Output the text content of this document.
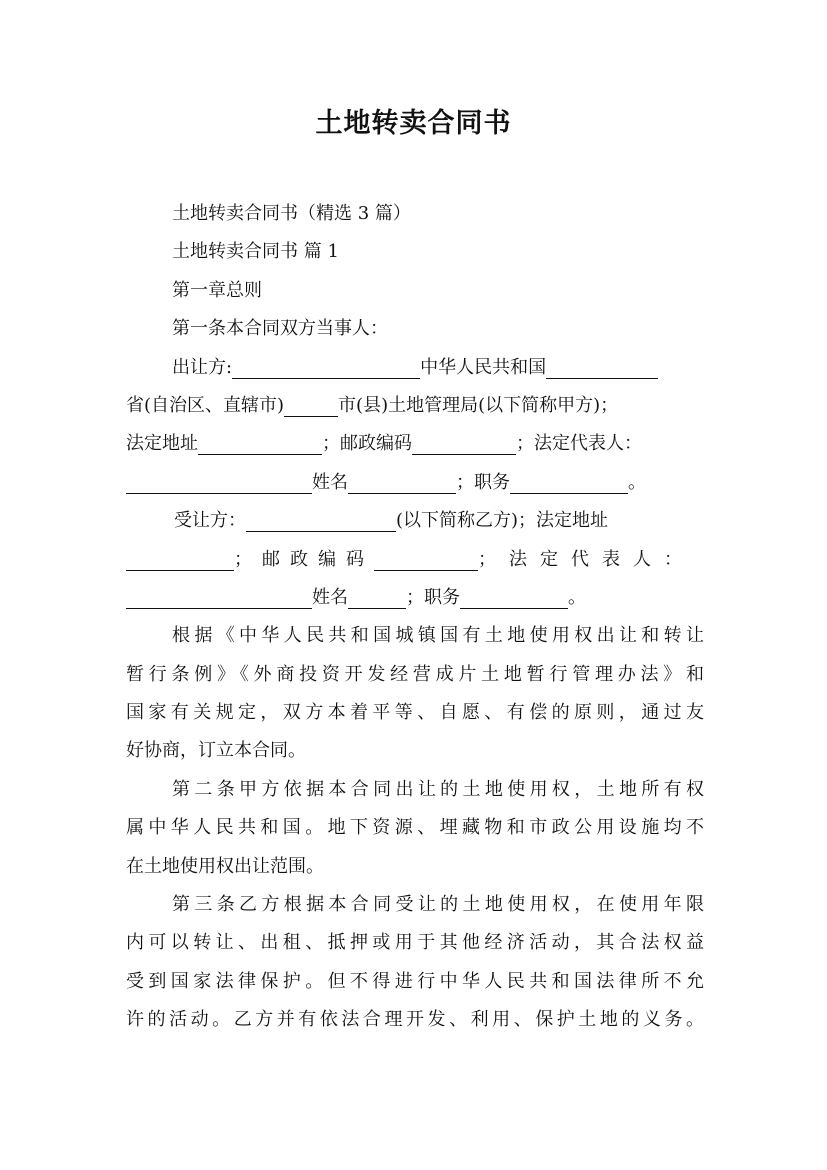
土地转卖合同书
土地转卖合同书（精选 3 篇）
土地转卖合同书 篇 1
第一章总则
第一条本合同双方当事人：
出让方:	中华人民共和国
省(自治区、直辖市)	市(县)土地管理局(以下简称甲方)；
法定地址	；邮政编码	；法定代表人：
姓名	；职务	。
受让方：	(以下简称乙方)；法定地址
；邮政编码	；法定代表人：
姓名	；职务	。
根据《中华人民共和国城镇国有土地使用权出让和转让
暂行条例》《外商投资开发经营成片土地暂行管理办法》和
国家有关规定，双方本着平等、自愿、有偿的原则，通过友
好协商，订立本合同。
第二条甲方依据本合同出让的土地使用权，土地所有权
属中华人民共和国。地下资源、埋藏物和市政公用设施均不
在土地使用权出让范围。
第三条乙方根据本合同受让的土地使用权，在使用年限
内可以转让、出租、抵押或用于其他经济活动，其合法权益
受到国家法律保护。但不得进行中华人民共和国法律所不允
许的活动。乙方并有依法合理开发、利用、保护土地的义务。
